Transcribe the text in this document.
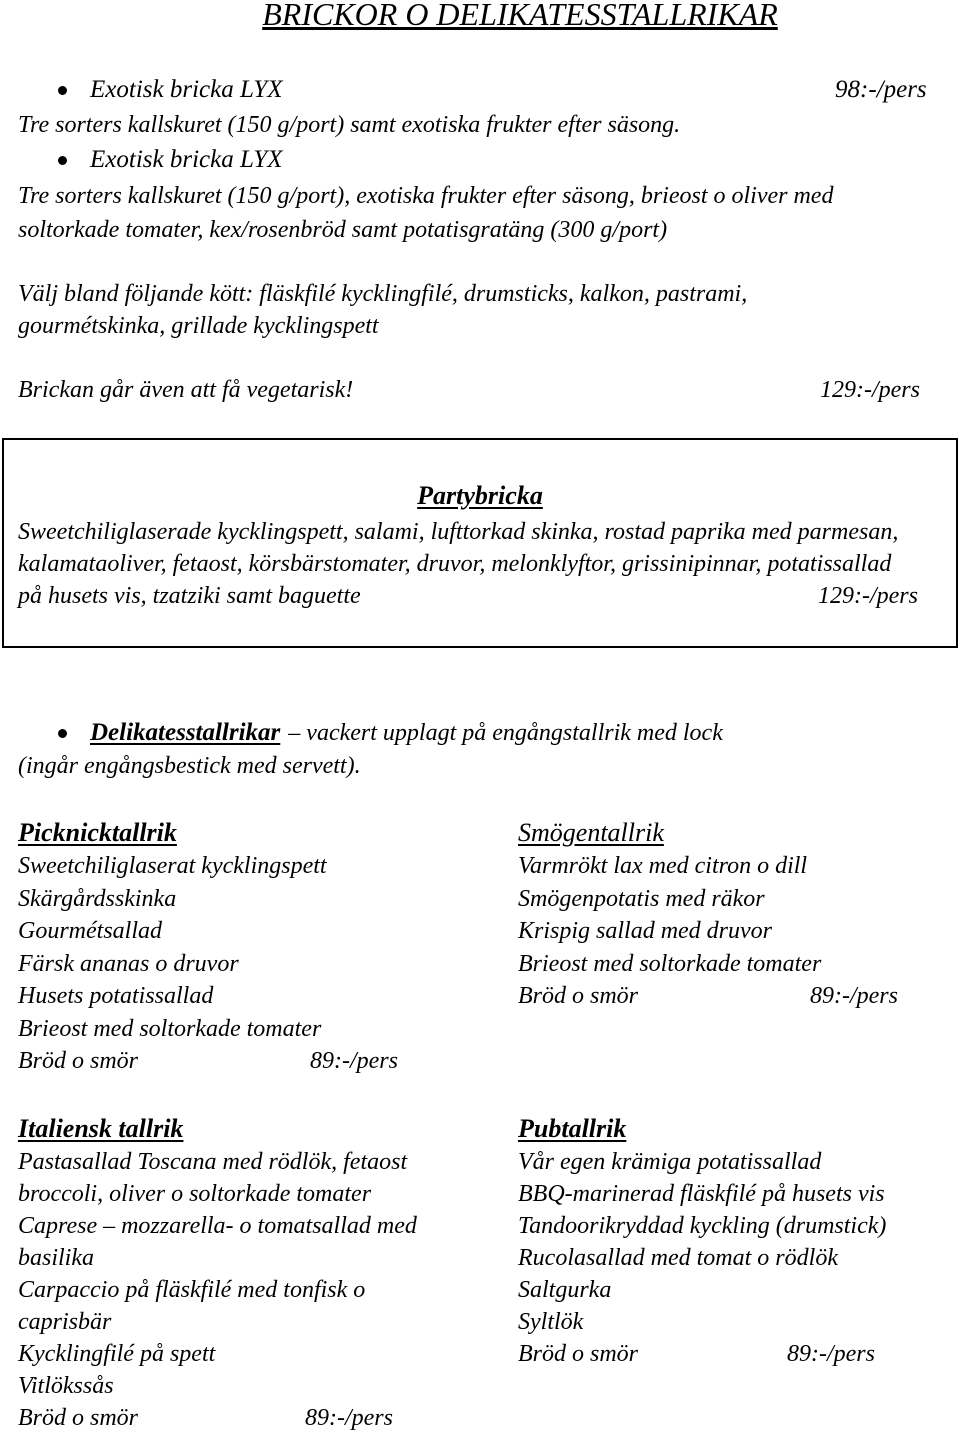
BRICKOR O DELIKATESSTALLRIKAR
Exotisk bricka LYX	98:-/pers
Tre sorters kallskuret (150 g/port) samt exotiska frukter efter säsong.
Exotisk bricka LYX
Tre sorters kallskuret (150 g/port), exotiska frukter efter säsong, brieost o oliver med
soltorkade tomater, kex/rosenbröd samt potatisgratäng (300 g/port)
Välj bland följande kött: fläskfilé kycklingfilé, drumsticks, kalkon, pastrami,
gourmétskinka, grillade kycklingspett
Brickan går även att få vegetarisk!	129:-/pers
Partybricka
Sweetchiliglaserade kycklingspett, salami, lufttorkad skinka, rostad paprika med parmesan,
kalamataoliver, fetaost, körsbärstomater, druvor, melonklyftor, grissinipinnar, potatissallad
på husets vis, tzatziki samt baguette	129:-/pers
Delikatesstallrikar – vackert upplagt på engångstallrik med lock
(ingår engångsbestick med servett).
Picknicktallrik
Sweetchiliglaserat kycklingspett
Skärgårdsskinka
Gourmétsallad
Färsk ananas o druvor
Husets potatissallad
Brieost med soltorkade tomater
Bröd o smör	89:-/pers
Smögentallrik
Varmrökt lax med citron o dill
Smögenpotatis med räkor
Krispig sallad med druvor
Brieost med soltorkade tomater
Bröd o smör	89:-/pers
Italiensk tallrik
Pastasallad Toscana med rödlök, fetaost
broccoli, oliver o soltorkade tomater
Caprese – mozzarella- o tomatsallad med
basilika
Carpaccio på fläskfilé med tonfisk o
caprisbär
Kycklingfilé på spett
Vitlökssås
Bröd o smör	89:-/pers
Pubtallrik
Vår egen krämiga potatissallad
BBQ-marinerad fläskfilé på husets vis
Tandoorikryddad kyckling (drumstick)
Rucolasallad med tomat o rödlök
Saltgurka
Syltlök
Bröd o smör	89:-/pers
